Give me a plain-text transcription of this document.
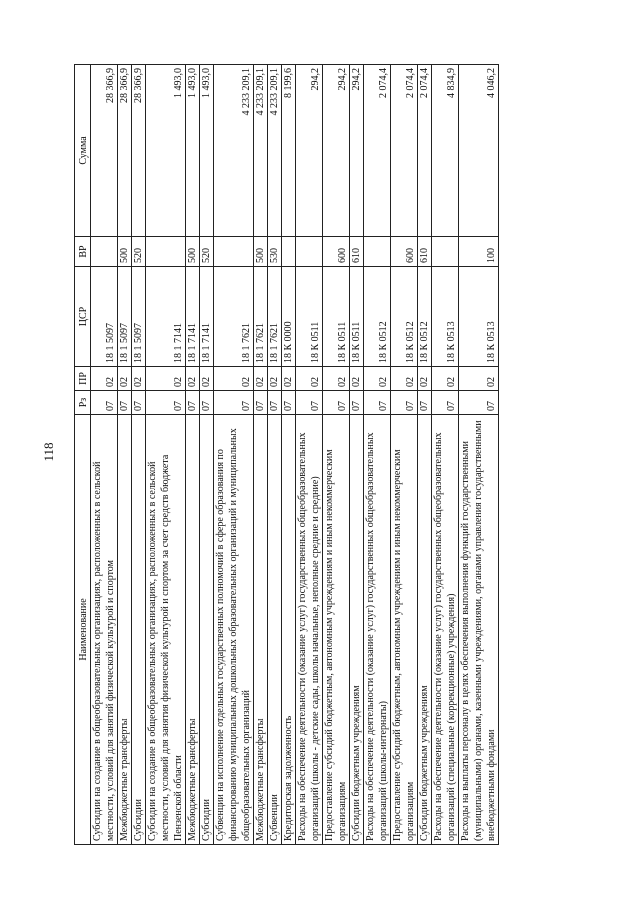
118
Наименование	Рз	ПР	ЦСР	ВР	Сумма
Субсидии на создание в общеобразовательных организациях, расположенных в сельской местности, условий для занятий физической культурой и спортом	07	02	18 1 5097		28 366,9
Межбюджетные трансферты	07	02	18 1 5097	500	28 366,9
Субсидии	07	02	18 1 5097	520	28 366,9
Субсидии на создание в общеобразовательных организациях, расположенных в сельской местности, условий для занятия физической культурой и спортом за счет средств бюджета Пензенской области	07	02	18 1 7141		1 493,0
Межбюджетные трансферты	07	02	18 1 7141	500	1 493,0
Субсидии	07	02	18 1 7141	520	1 493,0
Субвенции на исполнение отдельных государственных полномочий в сфере образования по финансированию муниципальных дошкольных образовательных организаций и муниципальных общеобразовательных организаций	07	02	18 1 7621		4 233 209,1
Межбюджетные трансферты	07	02	18 1 7621	500	4 233 209,1
Субвенции	07	02	18 1 7621	530	4 233 209,1
Кредиторская задолженность	07	02	18 К 0000		8 199,6
Расходы на обеспечение деятельности (оказание услуг) государственных общеобразовательных организаций (школы - детские сады, школы начальные, неполные средние и средние)	07	02	18 К 0511		294,2
Предоставление субсидий бюджетным, автономным учреждениям и иным некоммерческим организациям	07	02	18 К 0511	600	294,2
Субсидии бюджетным учреждениям	07	02	18 К 0511	610	294,2
Расходы на обеспечение деятельности (оказание услуг) государственных общеобразовательных организаций (школы-интернаты)	07	02	18 К 0512		2 074,4
Предоставление субсидий бюджетным, автономным учреждениям и иным некоммерческим организациям	07	02	18 К 0512	600	2 074,4
Субсидии бюджетным учреждениям	07	02	18 К 0512	610	2 074,4
Расходы на обеспечение деятельности (оказание услуг) государственных общеобразовательных организаций (специальные (коррекционные) учреждения)	07	02	18 К 0513		4 834,9
Расходы на выплаты персоналу в целях обеспечения выполнения функций государственными (муниципальными) органами, казенными учреждениями, органами управления государственными внебюджетными фондами	07	02	18 К 0513	100	4 046,2
